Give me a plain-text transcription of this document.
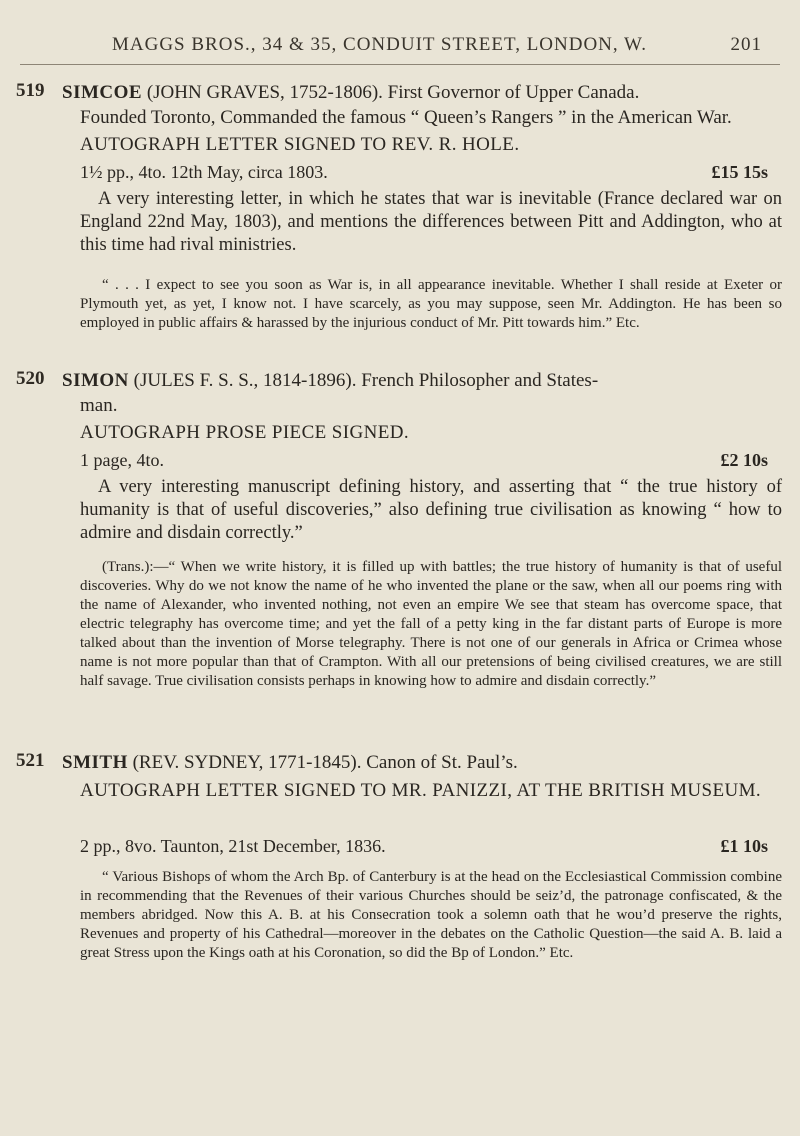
MAGGS BROS., 34 & 35, CONDUIT STREET, LONDON, W.	201
519 SIMCOE (JOHN GRAVES, 1752-1806). First Governor of Upper Canada.
Founded Toronto, Commanded the famous “ Queen’s Rangers ” in the American War.
AUTOGRAPH LETTER SIGNED TO REV. R. HOLE.
1½ pp., 4to. 12th May, circa 1803.	£15 15s
A very interesting letter, in which he states that war is inevitable (France declared war on England 22nd May, 1803), and mentions the differences between Pitt and Addington, who at this time had rival ministries.
“ . . . I expect to see you soon as War is, in all appearance inevitable. Whether I shall reside at Exeter or Plymouth yet, as yet, I know not. I have scarcely, as you may suppose, seen Mr. Addington. He has been so employed in public affairs & harassed by the injurious conduct of Mr. Pitt towards him.” Etc.
520 SIMON (JULES F. S. S., 1814-1896). French Philosopher and States-
man.
AUTOGRAPH PROSE PIECE SIGNED.
1 page, 4to.	£2 10s
A very interesting manuscript defining history, and asserting that “ the true history of humanity is that of useful discoveries,” also defining true civilisation as knowing “ how to admire and disdain correctly.”
(Trans.):—“ When we write history, it is filled up with battles; the true history of humanity is that of useful discoveries. Why do we not know the name of he who invented the plane or the saw, when all our poems ring with the name of Alexander, who invented nothing, not even an empire We see that steam has overcome space, that electric telegraphy has overcome time; and yet the fall of a petty king in the far distant parts of Europe is more talked about than the invention of Morse telegraphy. There is not one of our generals in Africa or Crimea whose name is not more popular than that of Crampton. With all our pretensions of being civilised creatures, we are still half savage. True civilisation consists perhaps in knowing how to admire and disdain correctly.”
521 SMITH (REV. SYDNEY, 1771-1845). Canon of St. Paul’s.
AUTOGRAPH LETTER SIGNED TO MR. PANIZZI, AT THE BRITISH MUSEUM.
2 pp., 8vo. Taunton, 21st December, 1836.	£1 10s
“ Various Bishops of whom the Arch Bp. of Canterbury is at the head on the Ecclesiastical Commission combine in recommending that the Revenues of their various Churches should be seiz’d, the patronage confiscated, & the members abridged. Now this A. B. at his Consecration took a solemn oath that he wou’d preserve the rights, Revenues and property of his Cathedral—moreover in the debates on the Catholic Question—the said A. B. laid a great Stress upon the Kings oath at his Coronation, so did the Bp of London.” Etc.
